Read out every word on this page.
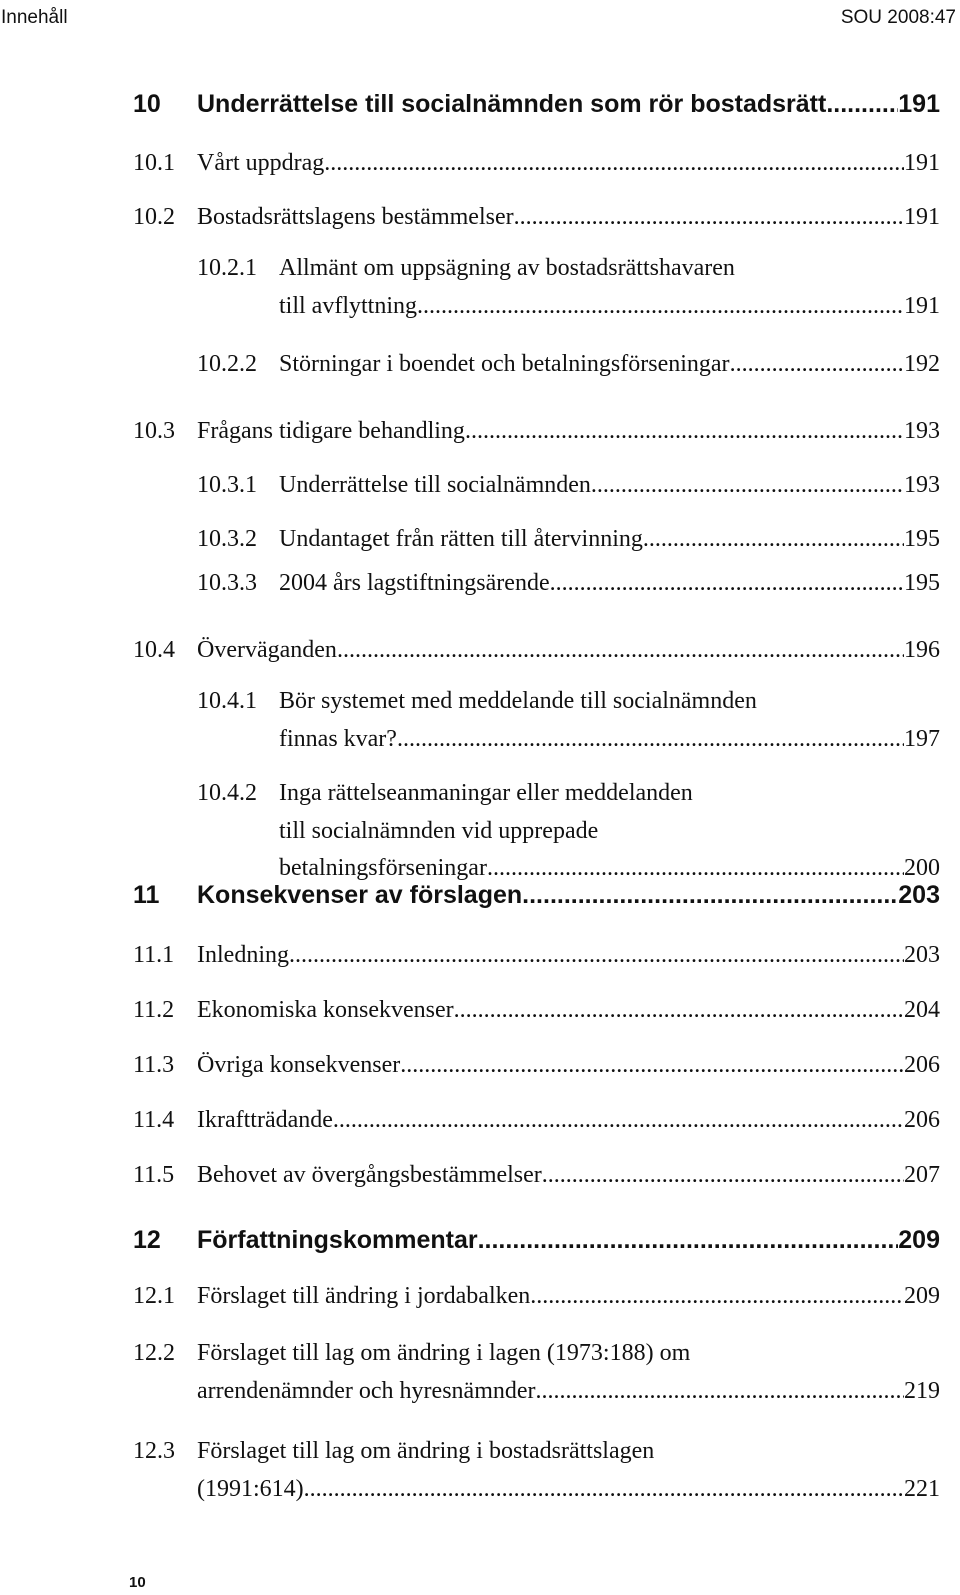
Innehåll	SOU 2008:47
10 Underrättelse till socialnämnden som rör bostadsrätt .....	191
10.1 Vårt uppdrag .....	191
10.2 Bostadsrättslagens bestämmelser .....	191
10.2.1 Allmänt om uppsägning av bostadsrättshavaren
till avflyttning .....	191
10.2.2 Störningar i boendet och betalningsförseningar .....	192
10.3 Frågans tidigare behandling .....	193
10.3.1 Underrättelse till socialnämnden .....	193
10.3.2 Undantaget från rätten till återvinning .....	195
10.3.3 2004 års lagstiftningsärende .....	195
10.4 Överväganden .....	196
10.4.1 Bör systemet med meddelande till socialnämnden
finnas kvar? .....	197
10.4.2 Inga rättelseanmaningar eller meddelanden
till socialnämnden vid upprepade
betalningsförseningar .....	200
11 Konsekvenser av förslagen .....	203
11.1 Inledning .....	203
11.2 Ekonomiska konsekvenser .....	204
11.3 Övriga konsekvenser .....	206
11.4 Ikraftträdande .....	206
11.5 Behovet av övergångsbestämmelser .....	207
12 Författningskommentar .....	209
12.1 Förslaget till ändring i jordabalken .....	209
12.2 Förslaget till lag om ändring i lagen (1973:188) om
arrendenämnder och hyresnämnder .....	219
12.3 Förslaget till lag om ändring i bostadsrättslagen
(1991:614) .....	221
10
